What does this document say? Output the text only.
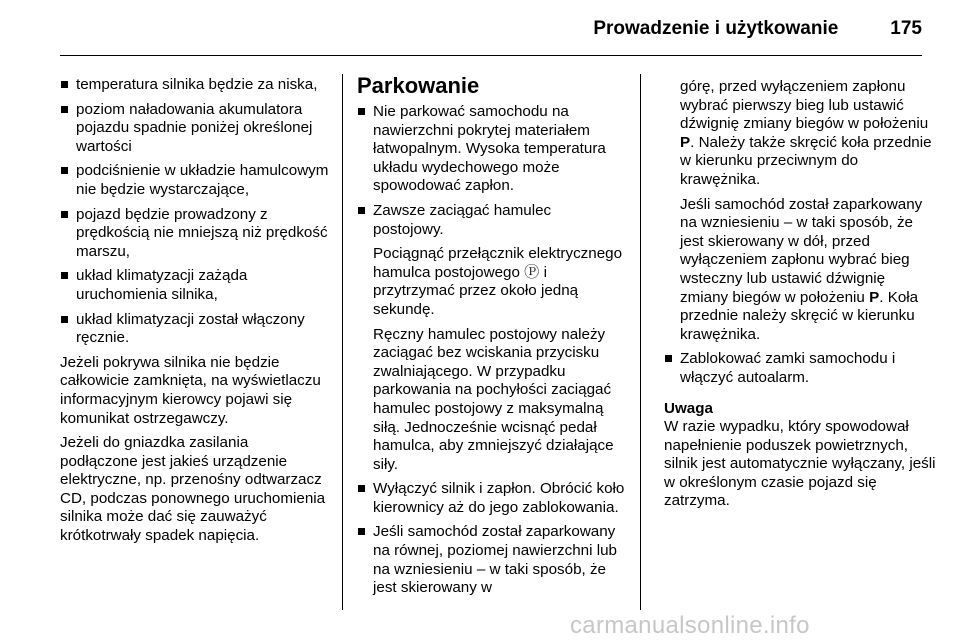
Prowadzenie i użytkowanie	175
temperatura silnika będzie za niska,
poziom naładowania akumulatora pojazdu spadnie poniżej określonej wartości
podciśnienie w układzie hamulcowym nie będzie wystarczające,
pojazd będzie prowadzony z prędkością nie mniejszą niż prędkość marszu,
układ klimatyzacji zażąda uruchomienia silnika,
układ klimatyzacji został włączony ręcznie.
Jeżeli pokrywa silnika nie będzie całkowicie zamknięta, na wyświetlaczu informacyjnym kierowcy pojawi się komunikat ostrzegawczy.
Jeżeli do gniazdka zasilania podłączone jest jakieś urządzenie elektryczne, np. przenośny odtwarzacz CD, podczas ponownego uruchomienia silnika może dać się zauważyć krótkotrwały spadek napięcia.
Parkowanie
Nie parkować samochodu na nawierzchni pokrytej materiałem łatwopalnym. Wysoka temperatura układu wydechowego może spowodować zapłon.
Zawsze zaciągać hamulec postojowy.
Pociągnąć przełącznik elektrycznego hamulca postojowego Ⓟ i przytrzymać przez około jedną sekundę.
Ręczny hamulec postojowy należy zaciągać bez wciskania przycisku zwalniającego. W przypadku parkowania na pochyłości zaciągać hamulec postojowy z maksymalną siłą. Jednocześnie wcisnąć pedał hamulca, aby zmniejszyć działające siły.
Wyłączyć silnik i zapłon. Obrócić koło kierownicy aż do jego zablokowania.
Jeśli samochód został zaparkowany na równej, poziomej nawierzchni lub na wzniesieniu – w taki sposób, że jest skierowany w
górę, przed wyłączeniem zapłonu wybrać pierwszy bieg lub ustawić dźwignię zmiany biegów w położeniu P. Należy także skręcić koła przednie w kierunku przeciwnym do krawężnika.
Jeśli samochód został zaparkowany na wzniesieniu – w taki sposób, że jest skierowany w dół, przed wyłączeniem zapłonu wybrać bieg wsteczny lub ustawić dźwignię zmiany biegów w położeniu P. Koła przednie należy skręcić w kierunku krawężnika.
Zablokować zamki samochodu i włączyć autoalarm.
Uwaga
W razie wypadku, który spowodował napełnienie poduszek powietrznych, silnik jest automatycznie wyłączany, jeśli w określonym czasie pojazd się zatrzyma.
carmanualsonline.info
